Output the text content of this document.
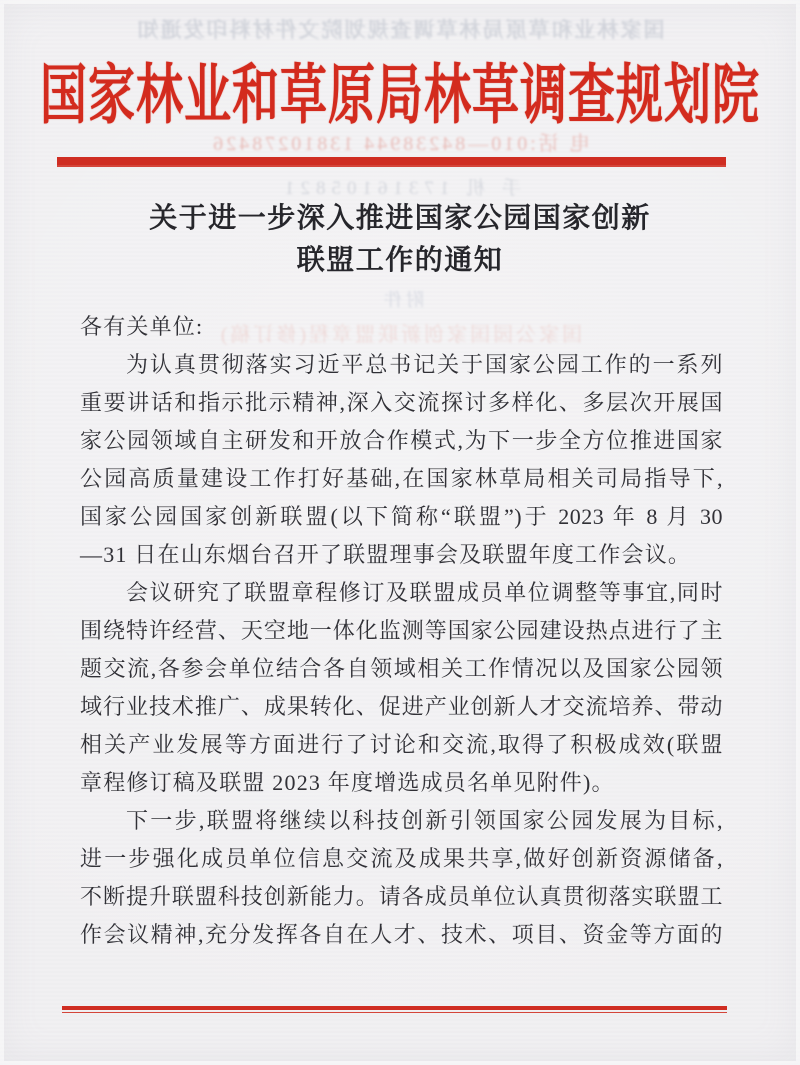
国家林业和草原局林草调查规划院文件材料印发通知
国家林业和草原局林草调查规划院
电 话:010—84238944 13810278426
手 机 17316105821
关于进一步深入推进国家公园国家创新
联盟工作的通知
附件
国家公园国家创新联盟章程(修订稿)
各有关单位:
为认真贯彻落实习近平总书记关于国家公园工作的一系列
重要讲话和指示批示精神,深入交流探讨多样化、多层次开展国
家公园领域自主研发和开放合作模式,为下一步全方位推进国家
公园高质量建设工作打好基础,在国家林草局相关司局指导下,
国家公园国家创新联盟(以下简称“联盟”)于 2023 年 8 月 30
—31 日在山东烟台召开了联盟理事会及联盟年度工作会议。
会议研究了联盟章程修订及联盟成员单位调整等事宜,同时
围绕特许经营、天空地一体化监测等国家公园建设热点进行了主
题交流,各参会单位结合各自领域相关工作情况以及国家公园领
域行业技术推广、成果转化、促进产业创新人才交流培养、带动
相关产业发展等方面进行了讨论和交流,取得了积极成效(联盟
章程修订稿及联盟 2023 年度增选成员名单见附件)。
下一步,联盟将继续以科技创新引领国家公园发展为目标,
进一步强化成员单位信息交流及成果共享,做好创新资源储备,
不断提升联盟科技创新能力。请各成员单位认真贯彻落实联盟工
作会议精神,充分发挥各自在人才、技术、项目、资金等方面的
